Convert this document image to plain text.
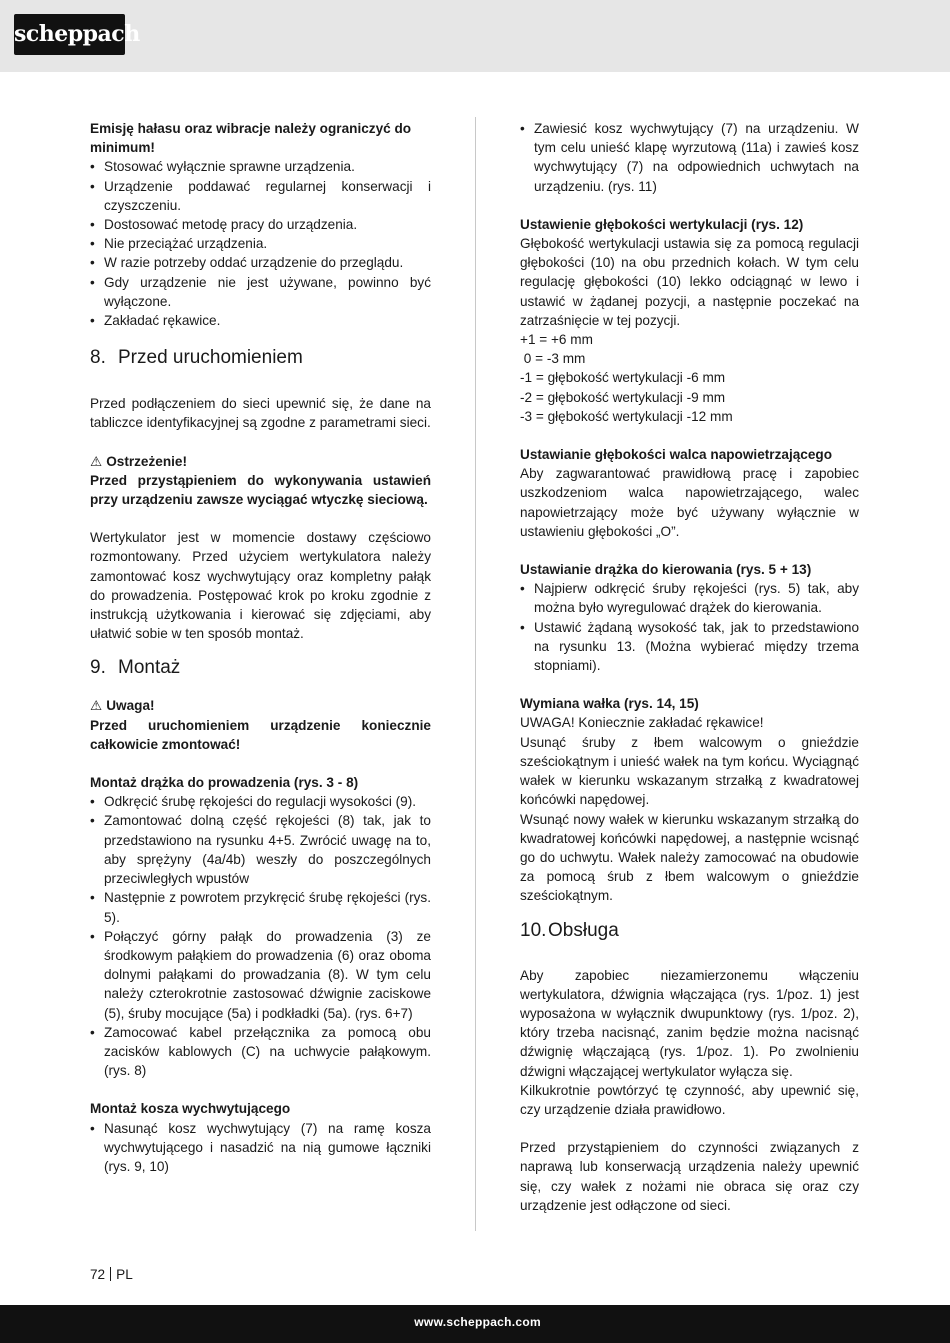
scheppach

Emisję hałasu oraz wibracje należy ograniczyć do minimum!

• Stosować wyłącznie sprawne urządzenia.
• Urządzenie poddawać regularnej konserwacji i czyszczeniu.
• Dostosować metodę pracy do urządzenia.
• Nie przeciążać urządzenia.
• W razie potrzeby oddać urządzenie do przeglądu.
• Gdy urządzenie nie jest używane, powinno być wyłączone.
• Zakładać rękawice.
8. Przed uruchomieniem

Przed podłączeniem do sieci upewnić się, że dane na tabliczce identyfikacyjnej są zgodne z parametrami sieci.

⚠ Ostrzeżenie!

Przed przystąpieniem do wykonywania ustawień przy urządzeniu zawsze wyciągać wtyczkę sieciową.

Wertykulator jest w momencie dostawy częściowo rozmontowany. Przed użyciem wertykulatora należy zamontować kosz wychwytujący oraz kompletny pałąk do prowadzenia. Postępować krok po kroku zgodnie z instrukcją użytkowania i kierować się zdjęciami, aby ułatwić sobie w ten sposób montaż.

9. Montaż

⚠ Uwaga!

Przed uruchomieniem urządzenie koniecznie całkowicie zmontować!

Montaż drążka do prowadzenia (rys. 3 - 8)

• Odkręcić śrubę rękojeści do regulacji wysokości (9).
• Zamontować dolną część rękojeści (8) tak, jak to przedstawiono na rysunku 4+5. Zwrócić uwagę na to, aby sprężyny (4a/4b) weszły do poszczególnych przeciwległych wpustów
• Następnie z powrotem przykręcić śrubę rękojeści (rys. 5).
• Połączyć górny pałąk do prowadzenia (3) ze środkowym pałąkiem do prowadzenia (6) oraz oboma dolnymi pałąkami do prowadzania (8). W tym celu należy czterokrotnie zastosować dźwignie zaciskowe (5), śruby mocujące (5a) i podkładki (5a). (rys. 6+7)
• Zamocować kabel przełącznika za pomocą obu zacisków kablowych (C) na uchwycie pałąkowym. (rys. 8)

Montaż kosza wychwytującego

• Nasunąć kosz wychwytujący (7) na ramę kosza wychwytującego i nasadzić na nią gumowe łączniki (rys. 9, 10)
• Zawiesić kosz wychwytujący (7) na urządzeniu. W tym celu unieść klapę wyrzutową (11a) i zawieś kosz wychwytujący (7) na odpowiednich uchwytach na urządzeniu. (rys. 11)

Ustawienie głębokości wertykulacji (rys. 12)

Głębokość wertykulacji ustawia się za pomocą regulacji głębokości (10) na obu przednich kołach. W tym celu regulację głębokości (10) lekko odciągnąć w lewo i ustawić w żądanej pozycji, a następnie poczekać na zatrzaśnięcie w tej pozycji.

+1 = +6 mm

0 = -3 mm

-1 = głębokość wertykulacji -6 mm

-2 = głębokość wertykulacji -9 mm

-3 = głębokość wertykulacji -12 mm

Ustawianie głębokości walca napowietrzającego

Aby zagwarantować prawidłową pracę i zapobiec uszkodzeniom walca napowietrzającego, walec napowietrzający może być używany wyłącznie w ustawieniu głębokości „O”.

Ustawianie drążka do kierowania (rys. 5 + 13)

• Najpierw odkręcić śruby rękojeści (rys. 5) tak, aby można było wyregulować drążek do kierowania.
• Ustawić żądaną wysokość tak, jak to przedstawiono na rysunku 13. (Można wybierać między trzema stopniami).

Wymiana wałka (rys. 14, 15)

UWAGA! Koniecznie zakładać rękawice!

Usunąć śruby z łbem walcowym o gnieździe sześciokątnym i unieść wałek na tym końcu. Wyciągnąć wałek w kierunku wskazanym strzałką z kwadratowej końcówki napędowej.

Wsunąć nowy wałek w kierunku wskazanym strzałką do kwadratowej końcówki napędowej, a następnie wcisnąć go do uchwytu. Wałek należy zamocować na obudowie za pomocą śrub z łbem walcowym o gnieździe sześciokątnym.

10.Obsługa

Aby zapobiec niezamierzonemu włączeniu wertykulatora, dźwignia włączająca (rys. 1/poz. 1) jest wyposażona w wyłącznik dwupunktowy (rys. 1/poz. 2), który trzeba nacisnąć, zanim będzie można nacisnąć dźwignię włączającą (rys. 1/poz. 1). Po zwolnieniu dźwigni włączającej wertykulator wyłącza się.

Kilkukrotnie powtórzyć tę czynność, aby upewnić się, czy urządzenie działa prawidłowo.

Przed przystąpieniem do czynności związanych z naprawą lub konserwacją urządzenia należy upewnić się, czy wałek z nożami nie obraca się oraz czy urządzenie jest odłączone od sieci.

72 PL
www.scheppach.com
